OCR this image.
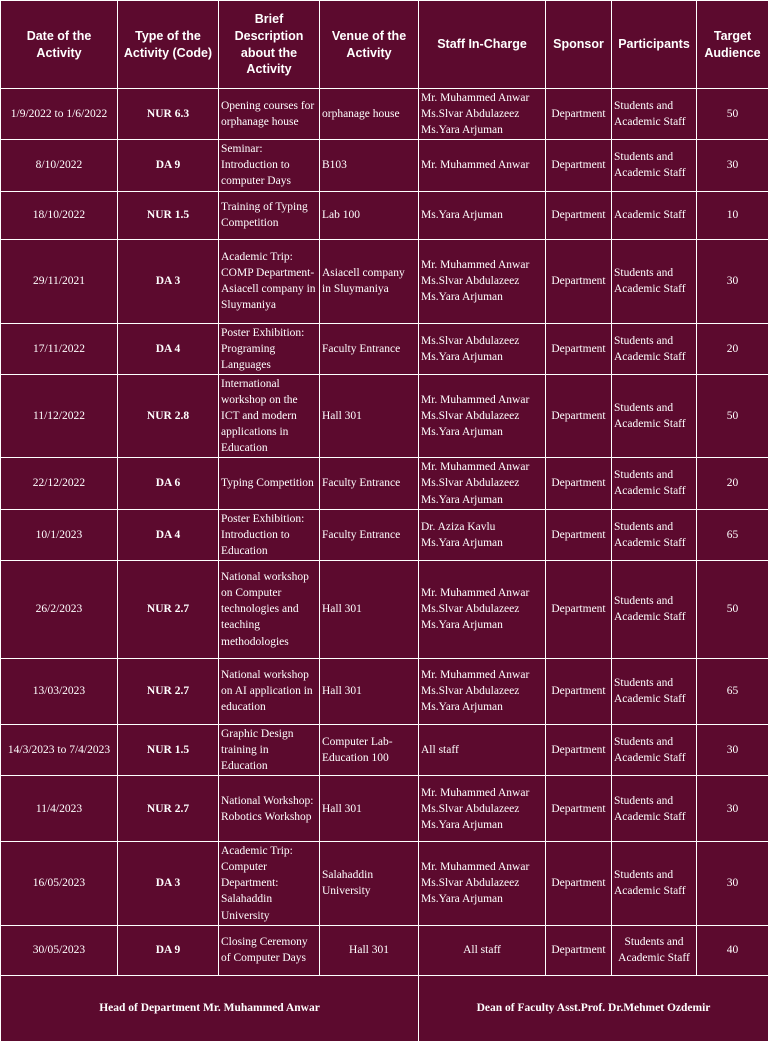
Date of the Activity	Type of the Activity (Code)	Brief Description about the Activity	Venue of the Activity	Staff In-Charge	Sponsor	Participants	Target Audience
1/9/2022 to 1/6/2022	NUR 6.3	Opening courses for orphanage house	orphanage house	Mr. Muhammed Anwar
Ms.Slvar Abdulazeez
Ms.Yara Arjuman	Department	Students and Academic Staff	50
8/10/2022	DA 9	Seminar: Introduction to computer Days	B103	Mr. Muhammed Anwar	Department	Students and Academic Staff	30
18/10/2022	NUR 1.5	Training of Typing Competition	Lab 100	Ms.Yara Arjuman	Department	Academic Staff	10
29/11/2021	DA 3	Academic Trip: COMP Department-Asiacell company in Sluymaniya	Asiacell company in Sluymaniya	Mr. Muhammed Anwar
Ms.Slvar Abdulazeez
Ms.Yara Arjuman	Department	Students and Academic Staff	30
17/11/2022	DA 4	Poster Exhibition: Programing Languages	Faculty Entrance	Ms.Slvar Abdulazeez
Ms.Yara Arjuman	Department	Students and Academic Staff	20
11/12/2022	NUR 2.8	International workshop on the ICT and modern applications in Education	Hall 301	Mr. Muhammed Anwar
Ms.Slvar Abdulazeez
Ms.Yara Arjuman	Department	Students and Academic Staff	50
22/12/2022	DA 6	Typing Competition	Faculty Entrance	Mr. Muhammed Anwar
Ms.Slvar Abdulazeez
Ms.Yara Arjuman	Department	Students and Academic Staff	20
10/1/2023	DA 4	Poster Exhibition: Introduction to Education	Faculty Entrance	Dr. Aziza Kavlu
Ms.Yara Arjuman	Department	Students and Academic Staff	65
26/2/2023	NUR 2.7	National workshop on Computer technologies and teaching methodologies	Hall 301	Mr. Muhammed Anwar
Ms.Slvar Abdulazeez
Ms.Yara Arjuman	Department	Students and Academic Staff	50
13/03/2023	NUR 2.7	National workshop on AI application in education	Hall 301	Mr. Muhammed Anwar
Ms.Slvar Abdulazeez
Ms.Yara Arjuman	Department	Students and Academic Staff	65
14/3/2023 to 7/4/2023	NUR 1.5	Graphic Design training in Education	Computer Lab-Education 100	All staff	Department	Students and Academic Staff	30
11/4/2023	NUR 2.7	National Workshop: Robotics Workshop	Hall 301	Mr. Muhammed Anwar
Ms.Slvar Abdulazeez
Ms.Yara Arjuman	Department	Students and Academic Staff	30
16/05/2023	DA 3	Academic Trip: Computer Department: Salahaddin University	Salahaddin University	Mr. Muhammed Anwar
Ms.Slvar Abdulazeez
Ms.Yara Arjuman	Department	Students and Academic Staff	30
30/05/2023	DA 9	Closing Ceremony of Computer Days	Hall 301	All staff	Department	Students and Academic Staff	40
Head of Department Mr. Muhammed Anwar				Dean of Faculty Asst.Prof. Dr.Mehmet Ozdemir			
